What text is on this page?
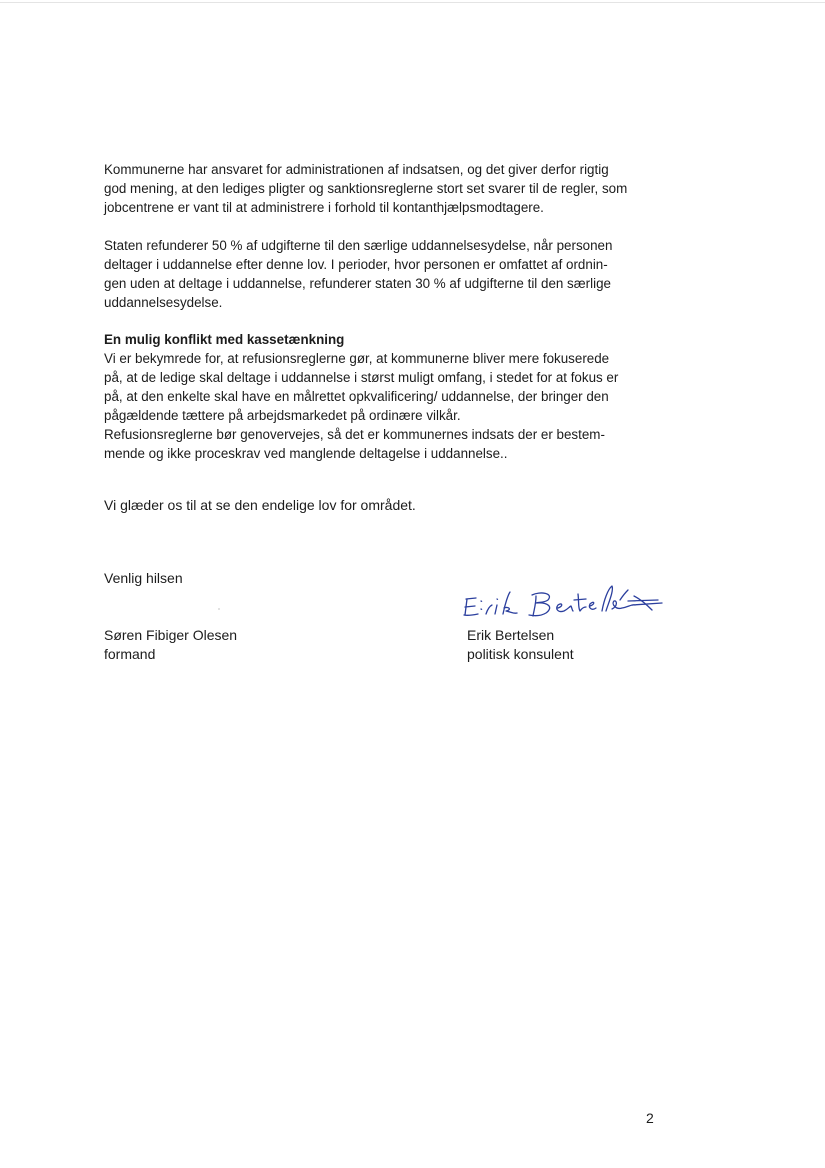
Kommunerne har ansvaret for administrationen af indsatsen, og det giver derfor rigtig
god mening, at den lediges pligter og sanktionsreglerne stort set svarer til de regler, som
jobcentrene er vant til at administrere i forhold til kontanthjælpsmodtagere.

Staten refunderer 50 % af udgifterne til den særlige uddannelsesydelse, når personen
deltager i uddannelse efter denne lov. I perioder, hvor personen er omfattet af ordnin-
gen uden at deltage i uddannelse, refunderer staten 30 % af udgifterne til den særlige
uddannelsesydelse.

En mulig konflikt med kassetænkning
Vi er bekymrede for, at refusionsreglerne gør, at kommunerne bliver mere fokuserede
på, at de ledige skal deltage i uddannelse i størst muligt omfang, i stedet for at fokus er
på, at den enkelte skal have en målrettet opkvalificering/ uddannelse, der bringer den
pågældende tættere på arbejdsmarkedet på ordinære vilkår.
Refusionsreglerne bør genovervejes, så det er kommunernes indsats der er bestem-
mende og ikke proceskrav ved manglende deltagelse i uddannelse..

Vi glæder os til at se den endelige lov for området.

Venlig hilsen

Søren Fibiger Olesen
formand
Erik Bertelsen
politisk konsulent
2
